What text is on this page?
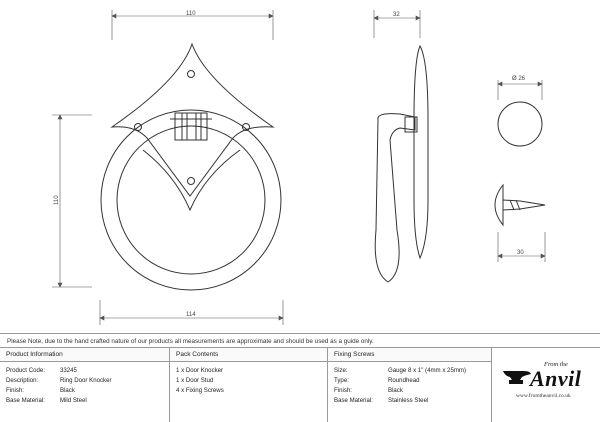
110
110
114
32
Ø 26
30
Please Note, due to the hand crafted nature of our products all measurements are approximate and should be used as a guide only.
Product Information
Product Code: 33245
Description:	Ring Door Knocker
Finish:	Black
Base Material: Mild Steel
Pack Contents
1 x Door Knocker
1 x Door Stud
4 x Fixing Screws
Fixing Screws
Size:	Gauge 8 x 1" (4mm x 25mm)
Type:	Roundhead
Finish:	Black
Base Material: Stainless Steel
From the
Anvil
www.fromtheanvil.co.uk
